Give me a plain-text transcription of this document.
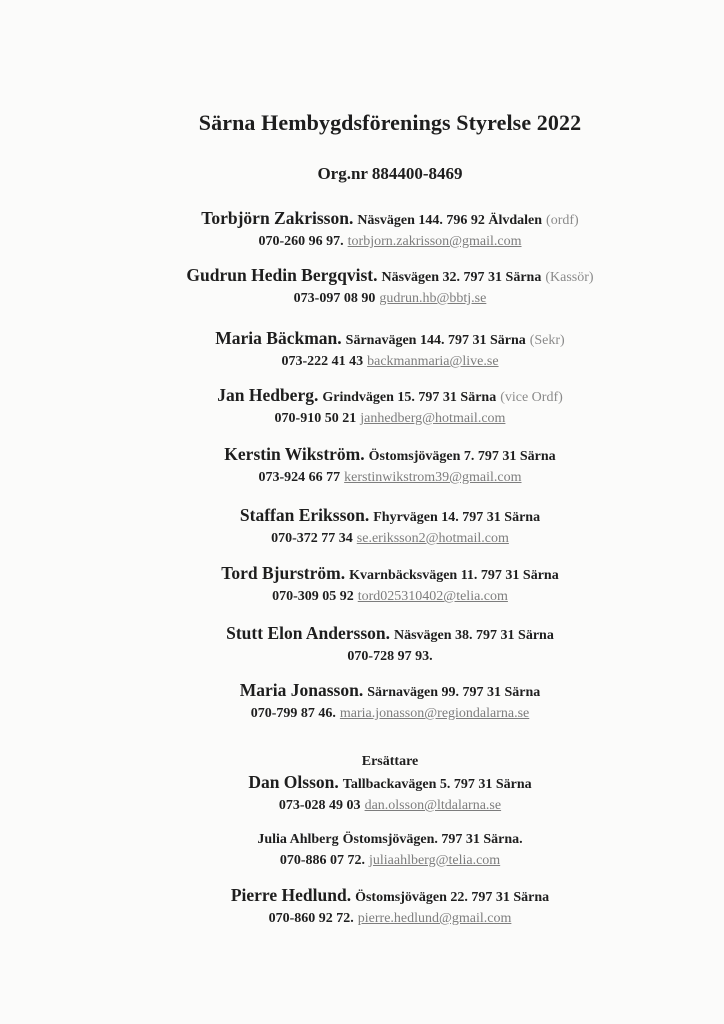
Särna Hembygdsförenings Styrelse 2022
Org.nr 884400-8469
Torbjörn Zakrisson. Näsvägen 144. 796 92 Älvdalen (ordf)
070-260 96 97. torbjorn.zakrisson@gmail.com
Gudrun Hedin Bergqvist. Näsvägen 32. 797 31 Särna (Kassör)
073-097 08 90 gudrun.hb@bbtj.se
Maria Bäckman. Särnavägen 144. 797 31 Särna (Sekr)
073-222 41 43 backmanmaria@live.se
Jan Hedberg. Grindvägen 15. 797 31 Särna (vice Ordf)
070-910 50 21 janhedberg@hotmail.com
Kerstin Wikström. Östomsjövägen 7. 797 31 Särna
073-924 66 77 kerstinwikstrom39@gmail.com
Staffan Eriksson. Fhyrvägen 14. 797 31 Särna
070-372 77 34 se.eriksson2@hotmail.com
Tord Bjurström. Kvarnbäcksvägen 11. 797 31 Särna
070-309 05 92 tord025310402@telia.com
Stutt Elon Andersson. Näsvägen 38. 797 31 Särna
070-728 97 93.
Maria Jonasson. Särnavägen 99. 797 31 Särna
070-799 87 46. maria.jonasson@regiondalarna.se
Ersättare
Dan Olsson. Tallbackavägen 5. 797 31 Särna
073-028 49 03 dan.olsson@ltdalarna.se
Julia Ahlberg Östomsjövägen. 797 31 Särna.
070-886 07 72. juliaahlberg@telia.com
Pierre Hedlund. Östomsjövägen 22. 797 31 Särna
070-860 92 72. pierre.hedlund@gmail.com
